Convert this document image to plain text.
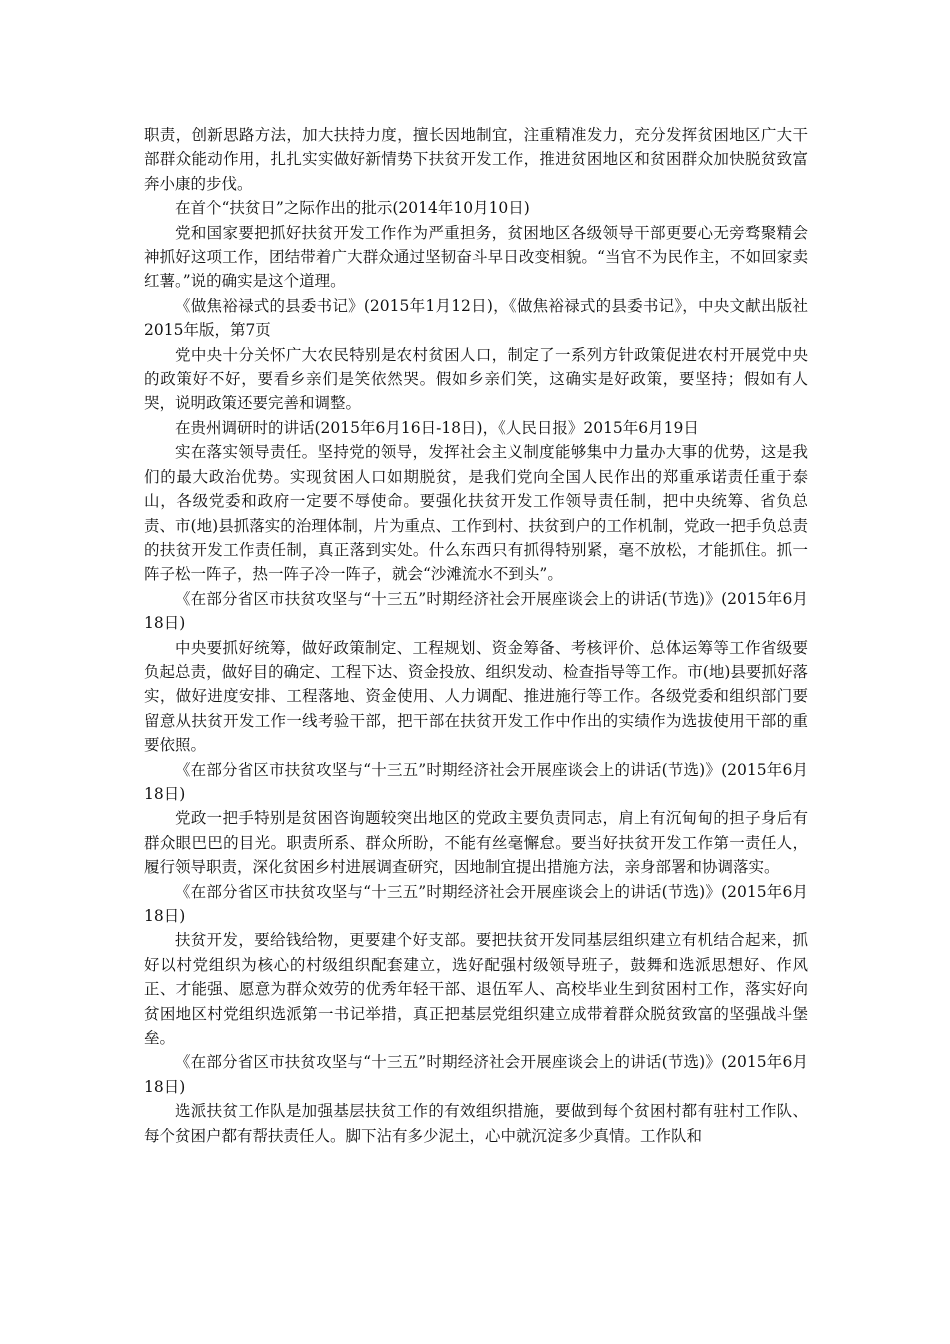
职责，创新思路方法，加大扶持力度，擅长因地制宜，注重精准发力，充分发挥贫困地区广大干部群众能动作用，扎扎实实做好新情势下扶贫开发工作，推进贫困地区和贫困群众加快脱贫致富奔小康的步伐。

在首个“扶贫日”之际作出的批示(2014年10月10日)

党和国家要把抓好扶贫开发工作作为严重担务，贫困地区各级领导干部更要心无旁骛聚精会神抓好这项工作，团结带着广大群众通过坚韧奋斗早日改变相貌。“当官不为民作主，不如回家卖红薯。”说的确实是这个道理。

《做焦裕禄式的县委书记》(2015年1月12日)，《做焦裕禄式的县委书记》，中央文献出版社2015年版，第7页

党中央十分关怀广大农民特别是农村贫困人口，制定了一系列方针政策促进农村开展党中央的政策好不好，要看乡亲们是笑依然哭。假如乡亲们笑，这确实是好政策，要坚持；假如有人哭，说明政策还要完善和调整。

在贵州调研时的讲话(2015年6月16日-18日)，《人民日报》2015年6月19日

实在落实领导责任。坚持党的领导，发挥社会主义制度能够集中力量办大事的优势，这是我们的最大政治优势。实现贫困人口如期脱贫，是我们党向全国人民作出的郑重承诺责任重于泰山，各级党委和政府一定要不辱使命。要强化扶贫开发工作领导责任制，把中央统筹、省负总责、市(地)县抓落实的治理体制，片为重点、工作到村、扶贫到户的工作机制，党政一把手负总责的扶贫开发工作责任制，真正落到实处。什么东西只有抓得特别紧，毫不放松，才能抓住。抓一阵子松一阵子，热一阵子冷一阵子，就会“沙滩流水不到头”。

《在部分省区市扶贫攻坚与“十三五”时期经济社会开展座谈会上的讲话(节选)》(2015年6月18日)

中央要抓好统筹，做好政策制定、工程规划、资金筹备、考核评价、总体运筹等工作省级要负起总责，做好目的确定、工程下达、资金投放、组织发动、检查指导等工作。市(地)县要抓好落实，做好进度安排、工程落地、资金使用、人力调配、推进施行等工作。各级党委和组织部门要留意从扶贫开发工作一线考验干部，把干部在扶贫开发工作中作出的实绩作为选拔使用干部的重要依照。

《在部分省区市扶贫攻坚与“十三五”时期经济社会开展座谈会上的讲话(节选)》(2015年6月18日)

党政一把手特别是贫困咨询题较突出地区的党政主要负责同志，肩上有沉甸甸的担子身后有群众眼巴巴的目光。职责所系、群众所盼，不能有丝毫懈怠。要当好扶贫开发工作第一责任人，履行领导职责，深化贫困乡村进展调查研究，因地制宜提出措施方法，亲身部署和协调落实。

《在部分省区市扶贫攻坚与“十三五”时期经济社会开展座谈会上的讲话(节选)》(2015年6月18日)

扶贫开发，要给钱给物，更要建个好支部。要把扶贫开发同基层组织建立有机结合起来，抓好以村党组织为核心的村级组织配套建立，选好配强村级领导班子，鼓舞和选派思想好、作风正、才能强、愿意为群众效劳的优秀年轻干部、退伍军人、高校毕业生到贫困村工作，落实好向贫困地区村党组织选派第一书记举措，真正把基层党组织建立成带着群众脱贫致富的坚强战斗堡垒。

《在部分省区市扶贫攻坚与“十三五”时期经济社会开展座谈会上的讲话(节选)》(2015年6月18日)

选派扶贫工作队是加强基层扶贫工作的有效组织措施，要做到每个贫困村都有驻村工作队、每个贫困户都有帮扶责任人。脚下沾有多少泥土，心中就沉淀多少真情。工作队和
